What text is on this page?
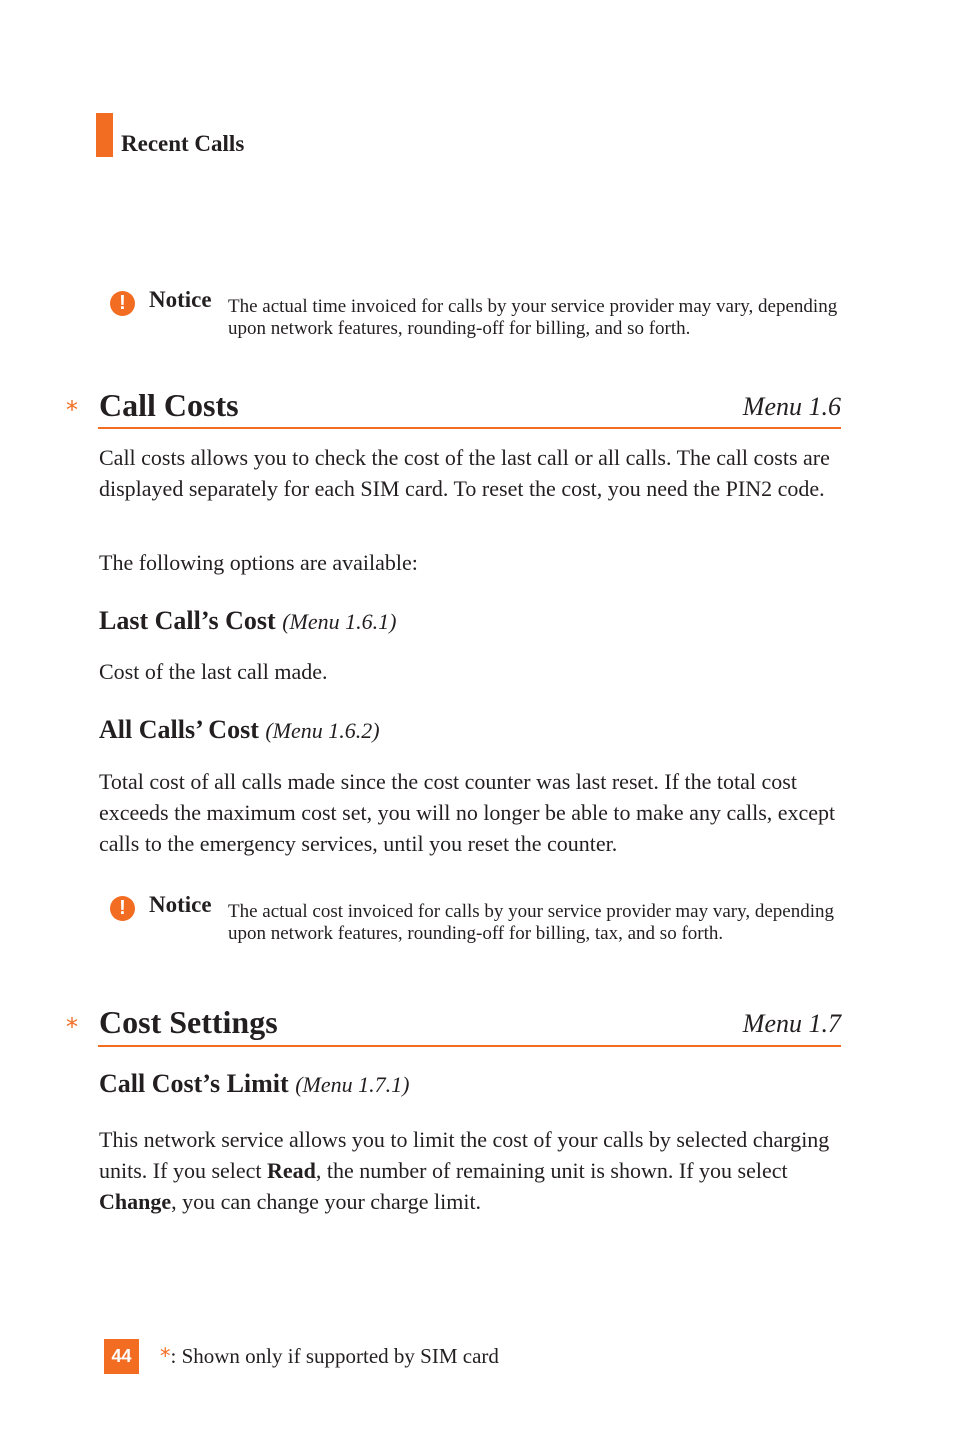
Recent Calls
!	Notice The actual time invoiced for calls by your service provider may vary, depending upon network features, rounding-off for billing, and so forth.
* Call Costs	Menu 1.6
Call costs allows you to check the cost of the last call or all calls. The call costs are displayed separately for each SIM card. To reset the cost, you need the PIN2 code.
The following options are available:
Last Call’s Cost (Menu 1.6.1)
Cost of the last call made.
All Calls’ Cost (Menu 1.6.2)
Total cost of all calls made since the cost counter was last reset. If the total cost exceeds the maximum cost set, you will no longer be able to make any calls, except calls to the emergency services, until you reset the counter.
!	Notice The actual cost invoiced for calls by your service provider may vary, depending upon network features, rounding-off for billing, tax, and so forth.
* Cost Settings	Menu 1.7
Call Cost’s Limit (Menu 1.7.1)
This network service allows you to limit the cost of your calls by selected charging units. If you select Read, the number of remaining unit is shown. If you select Change, you can change your charge limit.
44	*: Shown only if supported by SIM card
